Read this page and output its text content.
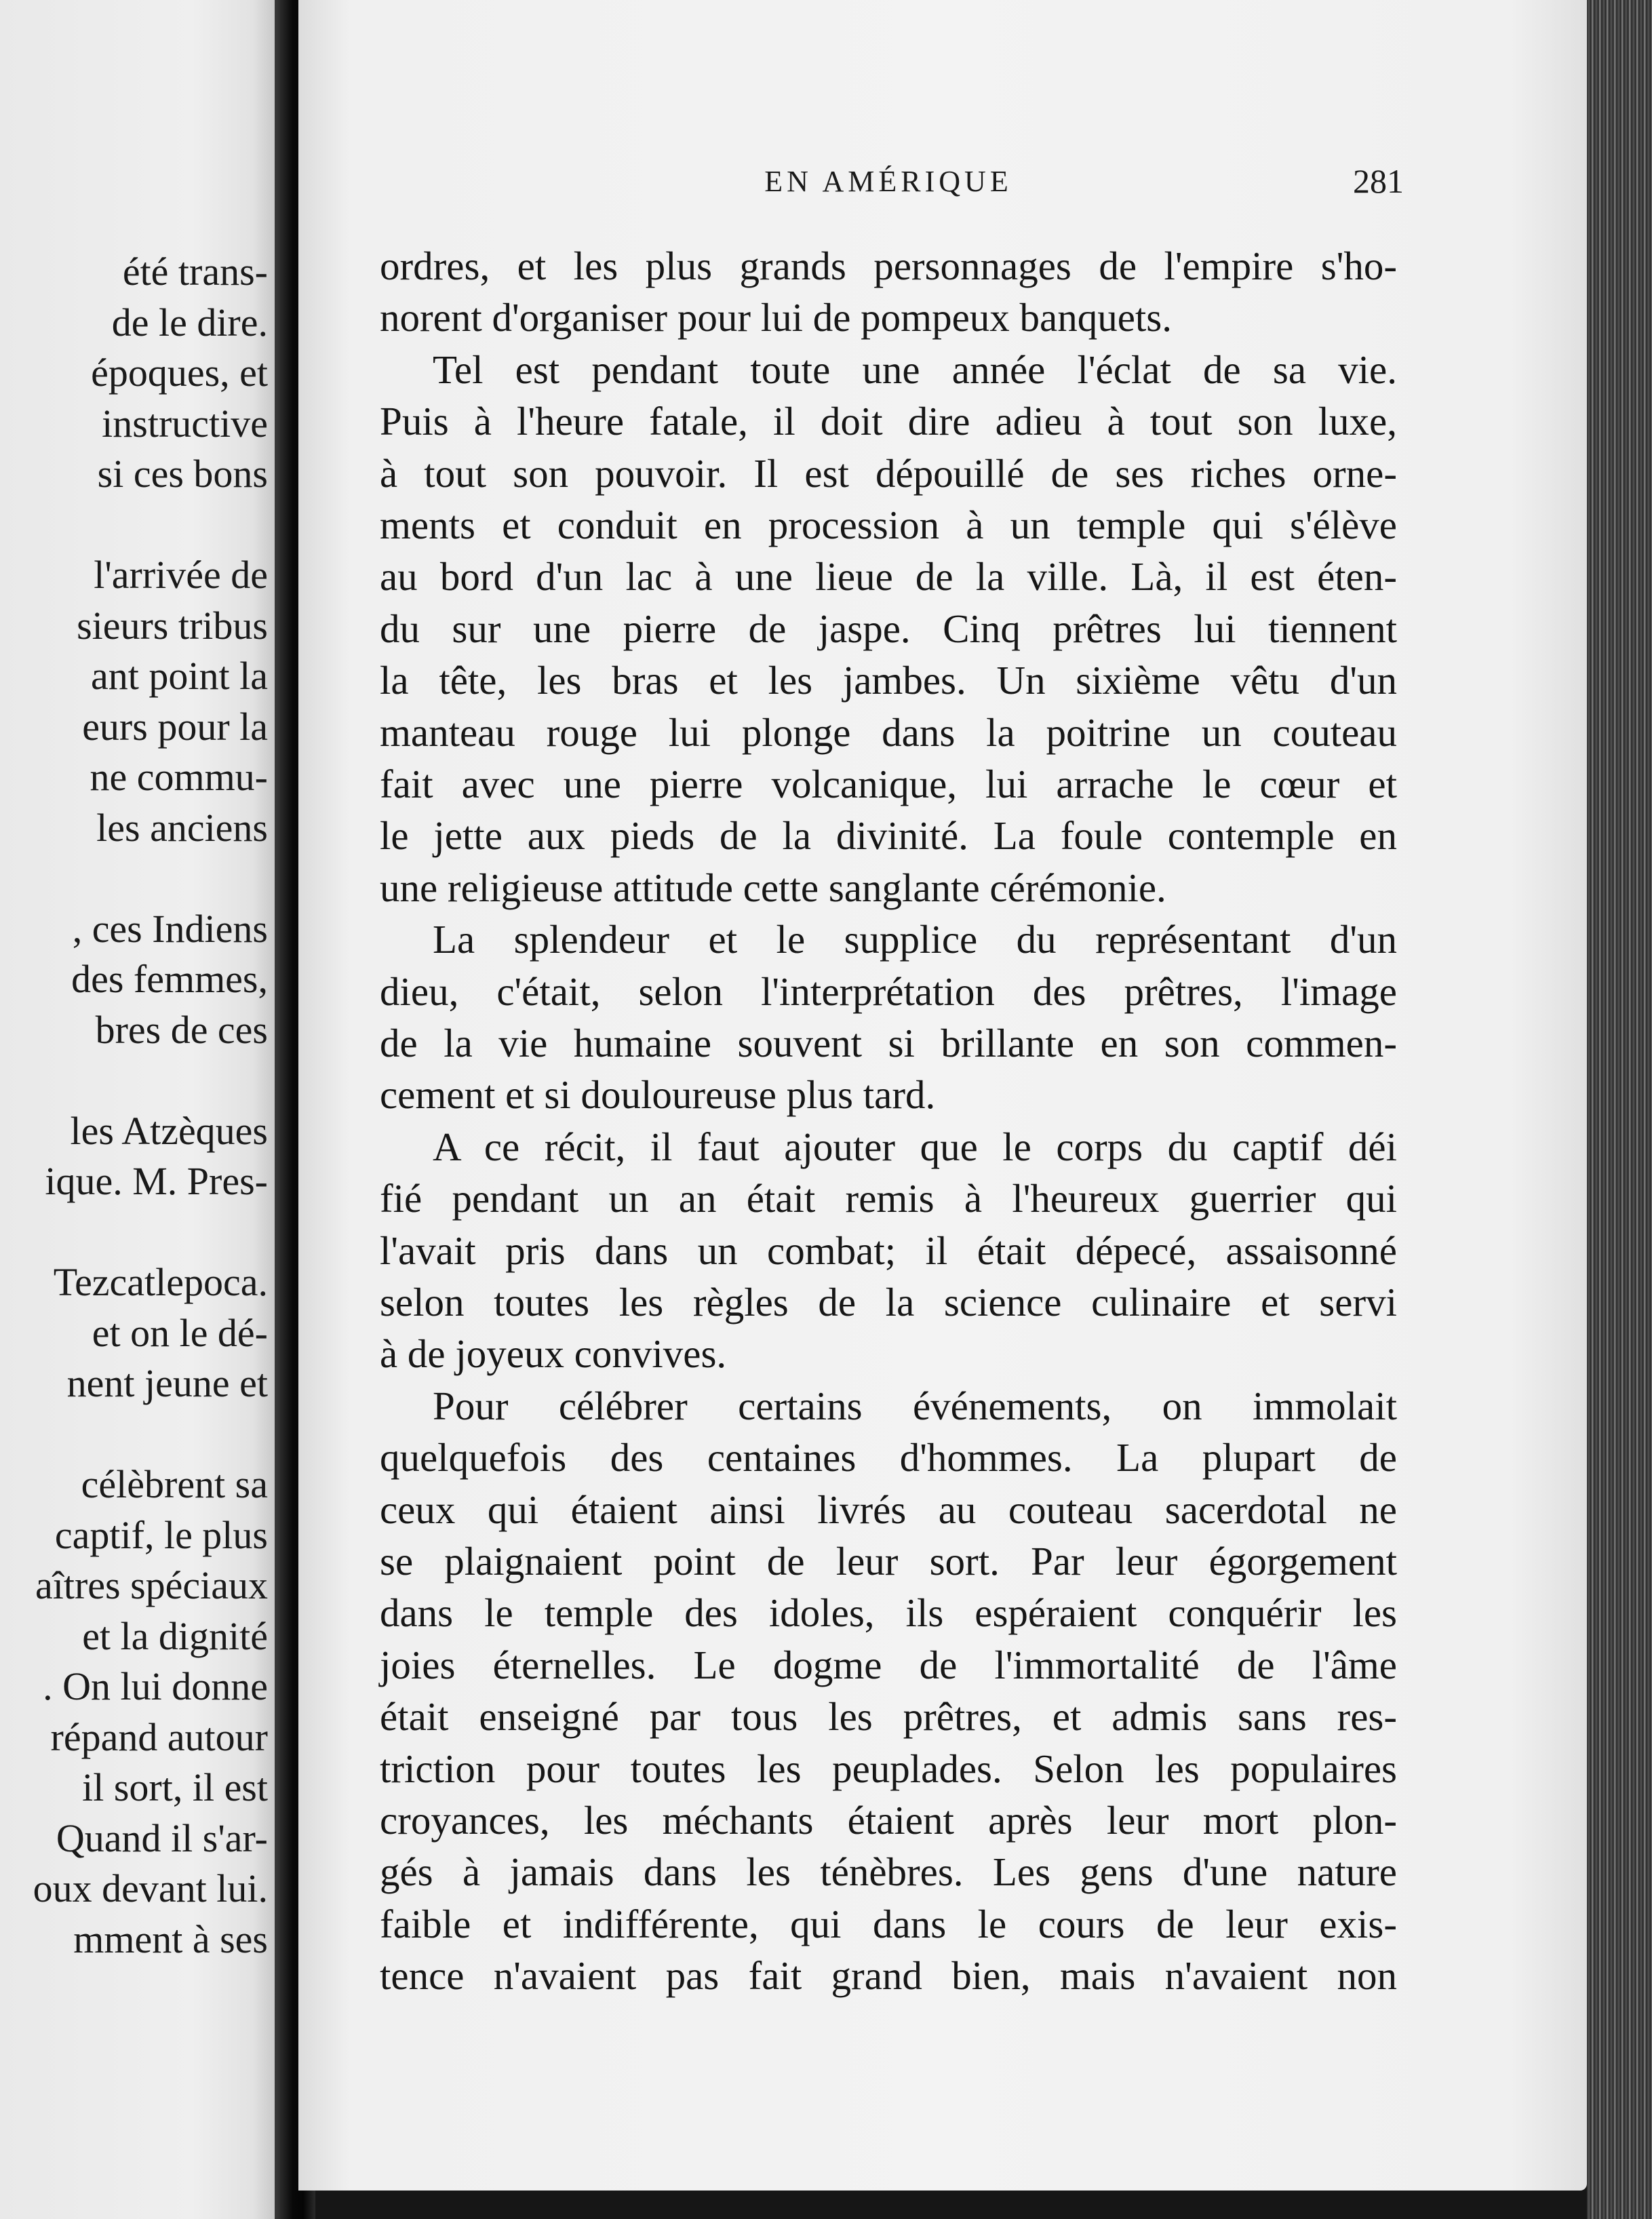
été trans-
de le dire.
époques, et
instructive
si ces bons
l'arrivée de
sieurs tribus
ant point la
eurs pour la
ne commu-
les anciens
, ces Indiens
des femmes,
bres de ces
les Atzèques
ique. M. Pres-
Tezcatlepoca.
et on le dé-
nent jeune et
célèbrent sa
captif, le plus
aîtres spéciaux
et la dignité
. On lui donne
répand autour
il sort, il est
Quand il s'ar-
oux devant lui.
mment à ses
EN AMÉRIQUE	281
ordres, et les plus grands personnages de l'empire s'ho-
norent d'organiser pour lui de pompeux banquets.
Tel est pendant toute une année l'éclat de sa vie.
Puis à l'heure fatale, il doit dire adieu à tout son luxe,
à tout son pouvoir. Il est dépouillé de ses riches orne-
ments et conduit en procession à un temple qui s'élève
au bord d'un lac à une lieue de la ville. Là, il est éten-
du sur une pierre de jaspe. Cinq prêtres lui tiennent
la tête, les bras et les jambes. Un sixième vêtu d'un
manteau rouge lui plonge dans la poitrine un couteau
fait avec une pierre volcanique, lui arrache le cœur et
le jette aux pieds de la divinité. La foule contemple en
une religieuse attitude cette sanglante cérémonie.
La splendeur et le supplice du représentant d'un
dieu, c'était, selon l'interprétation des prêtres, l'image
de la vie humaine souvent si brillante en son commen-
cement et si douloureuse plus tard.
A ce récit, il faut ajouter que le corps du captif déi
fié pendant un an était remis à l'heureux guerrier qui
l'avait pris dans un combat; il était dépecé, assaisonné
selon toutes les règles de la science culinaire et servi
à de joyeux convives.
Pour célébrer certains événements, on immolait
quelquefois des centaines d'hommes. La plupart de
ceux qui étaient ainsi livrés au couteau sacerdotal ne
se plaignaient point de leur sort. Par leur égorgement
dans le temple des idoles, ils espéraient conquérir les
joies éternelles. Le dogme de l'immortalité de l'âme
était enseigné par tous les prêtres, et admis sans res-
triction pour toutes les peuplades. Selon les populaires
croyances, les méchants étaient après leur mort plon-
gés à jamais dans les ténèbres. Les gens d'une nature
faible et indifférente, qui dans le cours de leur exis-
tence n'avaient pas fait grand bien, mais n'avaient non
